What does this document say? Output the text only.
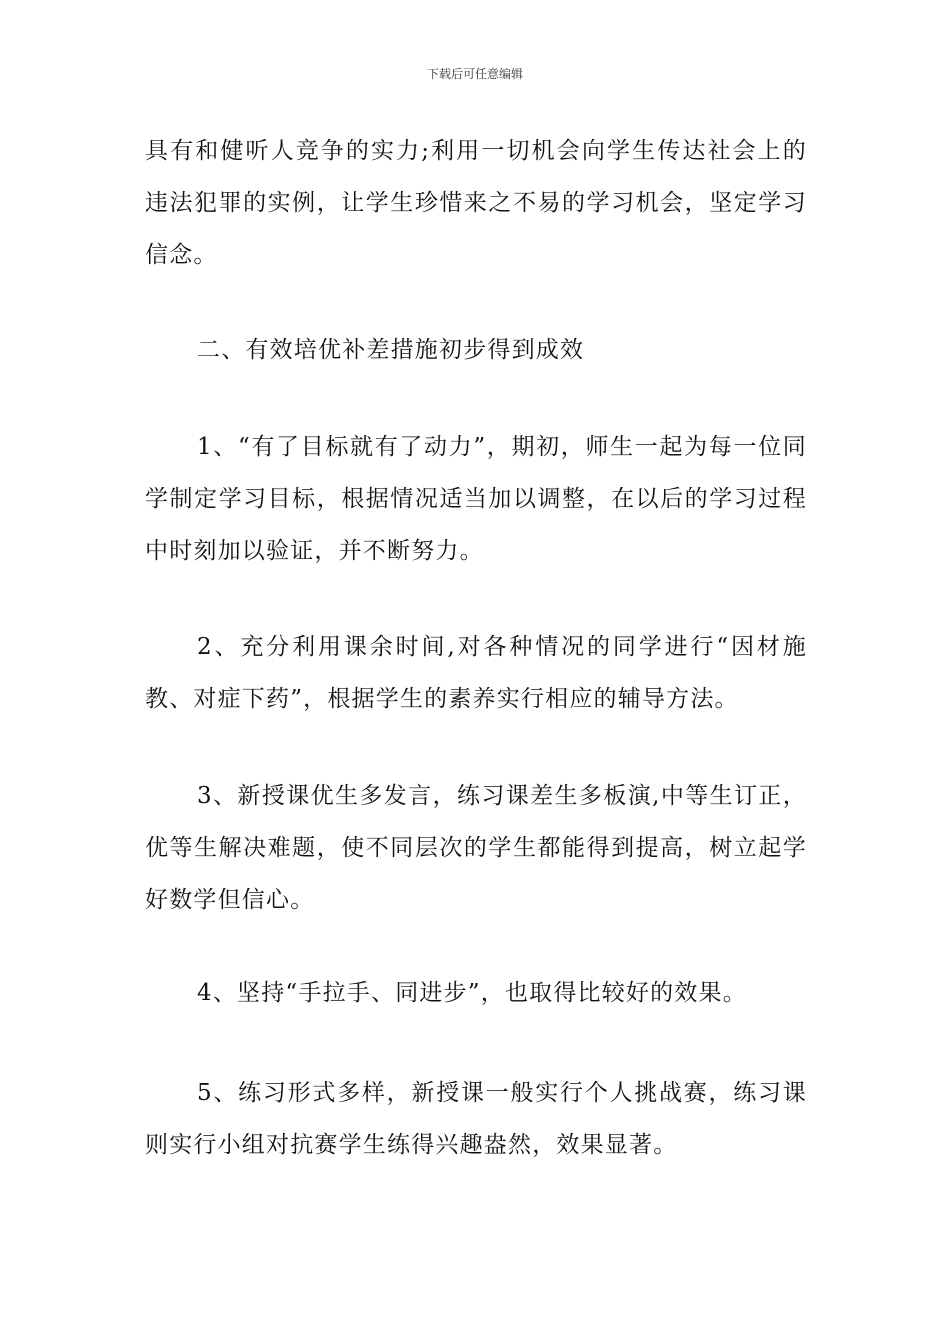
下载后可任意编辑

具有和健听人竞争的实力;利用一切机会向学生传达社会上的违法犯罪的实例，让学生珍惜来之不易的学习机会，坚定学习信念。

二、有效培优补差措施初步得到成效

1、“有了目标就有了动力”，期初，师生一起为每一位同学制定学习目标，根据情况适当加以调整，在以后的学习过程中时刻加以验证，并不断努力。

2、充分利用课余时间,对各种情况的同学进行“因材施教、对症下药”，根据学生的素养实行相应的辅导方法。

3、新授课优生多发言，练习课差生多板演,中等生订正，优等生解决难题，使不同层次的学生都能得到提高，树立起学好数学但信心。

4、坚持“手拉手、同进步”，也取得比较好的效果。

5、练习形式多样，新授课一般实行个人挑战赛，练习课则实行小组对抗赛学生练得兴趣盎然，效果显著。
